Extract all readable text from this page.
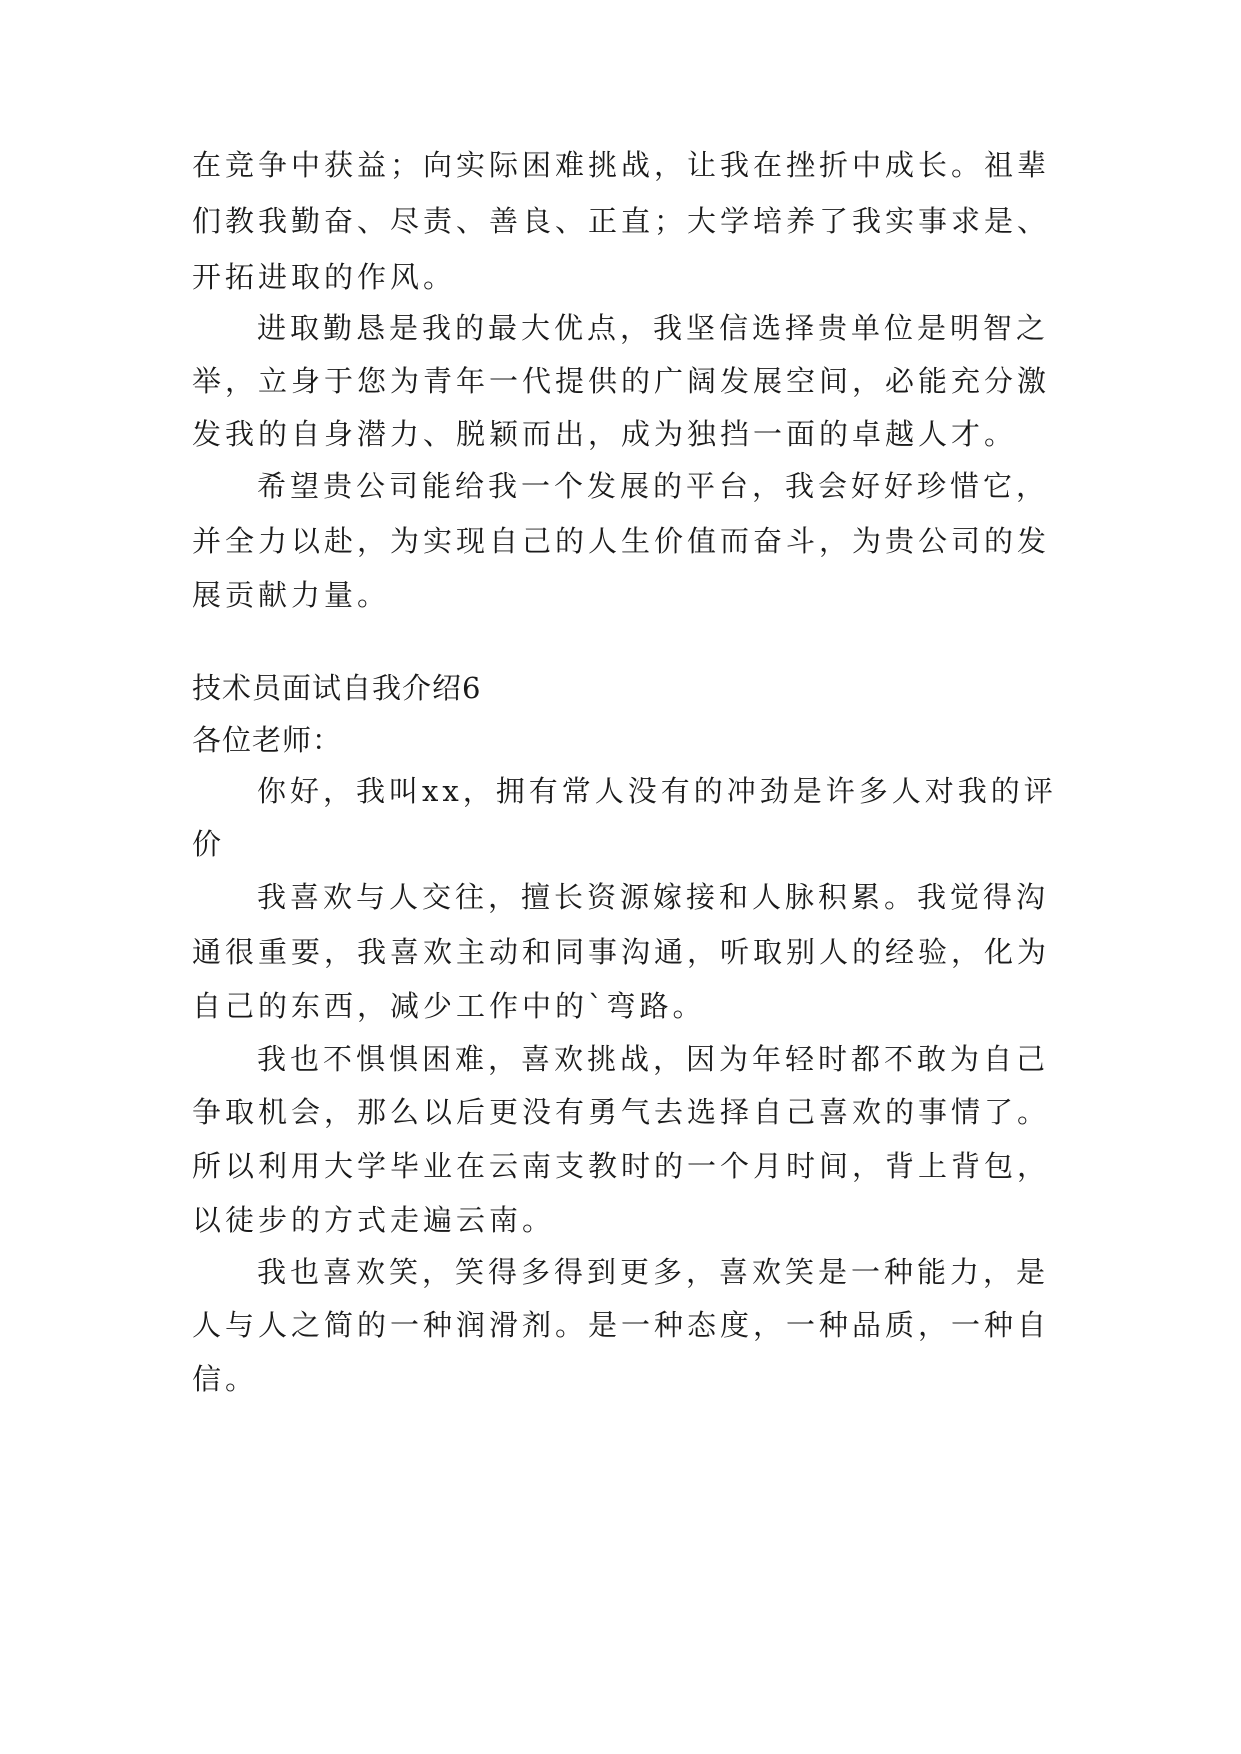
在竞争中获益；向实际困难挑战，让我在挫折中成长。祖辈
们教我勤奋、尽责、善良、正直；大学培养了我实事求是、
开拓进取的作风。
进取勤恳是我的最大优点，我坚信选择贵单位是明智之
举，立身于您为青年一代提供的广阔发展空间，必能充分激
发我的自身潜力、脱颖而出，成为独挡一面的卓越人才。
希望贵公司能给我一个发展的平台，我会好好珍惜它，
并全力以赴，为实现自己的人生价值而奋斗，为贵公司的发
展贡献力量。
技术员面试自我介绍6
各位老师：
你好，我叫xx，拥有常人没有的冲劲是许多人对我的评
价
我喜欢与人交往，擅长资源嫁接和人脉积累。我觉得沟
通很重要，我喜欢主动和同事沟通，听取别人的经验，化为
自己的东西，减少工作中的`弯路。
我也不惧惧困难，喜欢挑战，因为年轻时都不敢为自己
争取机会，那么以后更没有勇气去选择自己喜欢的事情了。
所以利用大学毕业在云南支教时的一个月时间，背上背包，
以徒步的方式走遍云南。
我也喜欢笑，笑得多得到更多，喜欢笑是一种能力，是
人与人之简的一种润滑剂。是一种态度，一种品质，一种自
信。
